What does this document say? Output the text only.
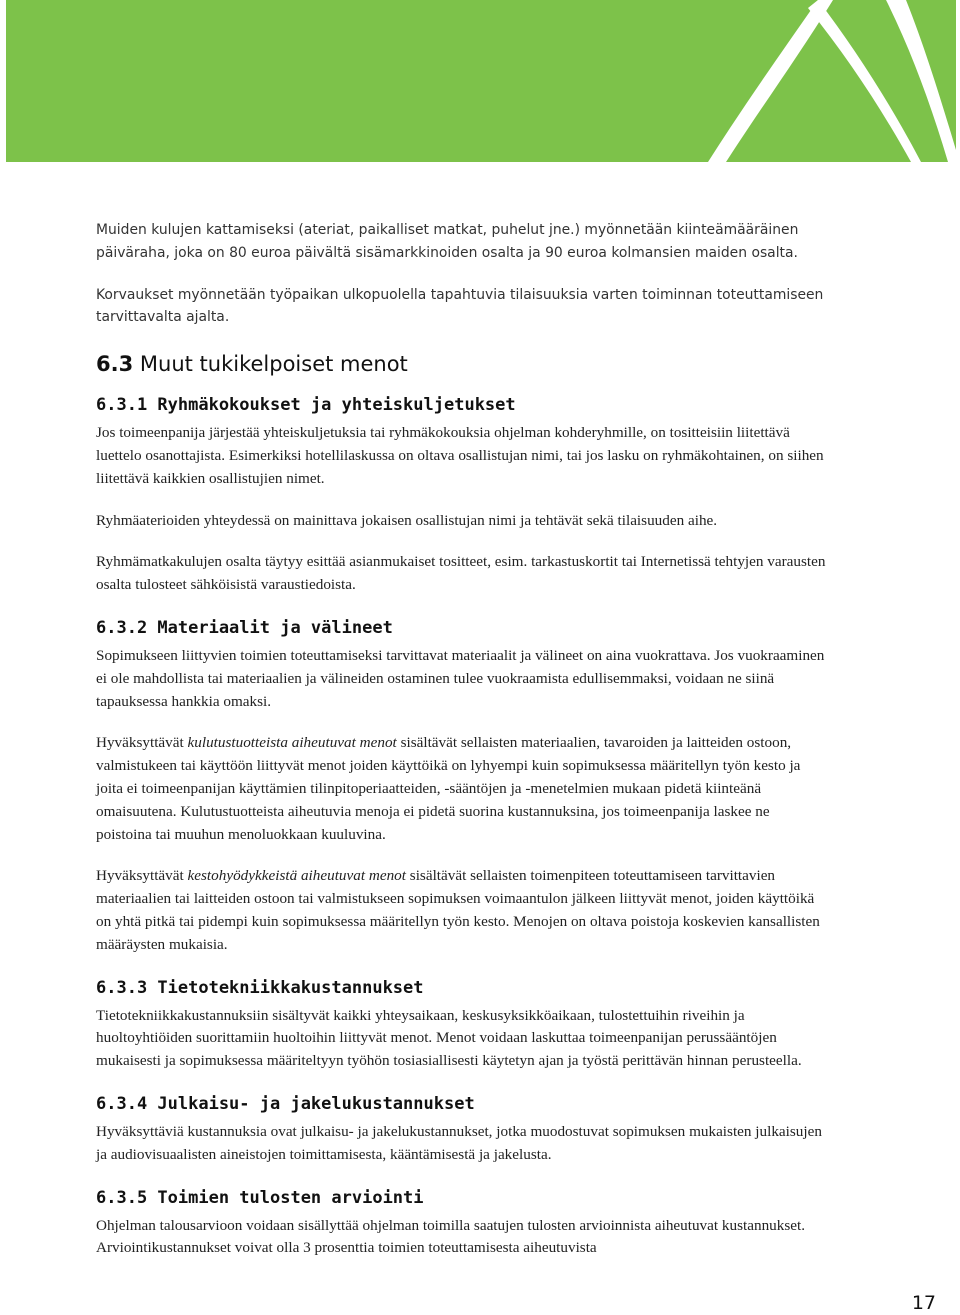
Muiden kulujen kattamiseksi (ateriat, paikalliset matkat, puhelut jne.) myönnetään kiinteämääräinen päiväraha, joka on 80 euroa päivältä sisämarkkinoiden osalta ja 90 euroa kolmansien maiden osalta.

Korvaukset myönnetään työpaikan ulkopuolella tapahtuvia tilaisuuksia varten toiminnan toteuttamiseen tarvittavalta ajalta.

6.3 Muut tukikelpoiset menot
6.3.1 Ryhmäkokoukset ja yhteiskuljetukset

Jos toimeenpanija järjestää yhteiskuljetuksia tai ryhmäkokouksia ohjelman kohderyhmille, on tositteisiin liitettävä luettelo osanottajista. Esimerkiksi hotellilaskussa on oltava osallistujan nimi, tai jos lasku on ryhmäkohtainen, on siihen liitettävä kaikkien osallistujien nimet.

Ryhmäaterioiden yhteydessä on mainittava jokaisen osallistujan nimi ja tehtävät sekä tilaisuuden aihe.

Ryhmämatkakulujen osalta täytyy esittää asianmukaiset tositteet, esim. tarkastuskortit tai Internetissä tehtyjen varausten osalta tulosteet sähköisistä varaustiedoista.

6.3.2 Materiaalit ja välineet

Sopimukseen liittyvien toimien toteuttamiseksi tarvittavat materiaalit ja välineet on aina vuokrattava. Jos vuokraaminen ei ole mahdollista tai materiaalien ja välineiden ostaminen tulee vuokraamista edullisemmaksi, voidaan ne siinä tapauksessa hankkia omaksi.

Hyväksyttävät kulutustuotteista aiheutuvat menot sisältävät sellaisten materiaalien, tavaroiden ja laitteiden ostoon, valmistukeen tai käyttöön liittyvät menot joiden käyttöikä on lyhyempi kuin sopimuksessa määritellyn työn kesto ja joita ei toimeenpanijan käyttämien tilinpitoperiaatteiden, -sääntöjen ja -menetelmien mukaan pidetä kiinteänä omaisuutena. Kulutustuotteista aiheutuvia menoja ei pidetä suorina kustannuksina, jos toimeenpanija laskee ne poistoina tai muuhun menoluokkaan kuuluvina.

Hyväksyttävät kestohyödykkeistä aiheutuvat menot sisältävät sellaisten toimenpiteen toteuttamiseen tarvittavien materiaalien tai laitteiden ostoon tai valmistukseen sopimuksen voimaantulon jälkeen liittyvät menot, joiden käyttöikä on yhtä pitkä tai pidempi kuin sopimuksessa määritellyn työn kesto. Menojen on oltava poistoja koskevien kansallisten määräysten mukaisia.

6.3.3 Tietotekniikkakustannukset

Tietotekniikkakustannuksiin sisältyvät kaikki yhteysaikaan, keskusyksikköaikaan, tulostettuihin riveihin ja huoltoyhtiöiden suorittamiin huoltoihin liittyvät menot. Menot voidaan laskuttaa toimeenpanijan perussääntöjen mukaisesti ja sopimuksessa määriteltyyn työhön tosiasiallisesti käytetyn ajan ja työstä perittävän hinnan perusteella.

6.3.4 Julkaisu- ja jakelukustannukset

Hyväksyttäviä kustannuksia ovat julkaisu- ja jakelukustannukset, jotka muodostuvat sopimuksen mukaisten julkaisujen ja audiovisuaalisten aineistojen toimittamisesta, kääntämisestä ja jakelusta.

6.3.5 Toimien tulosten arviointi

Ohjelman talousarvioon voidaan sisällyttää ohjelman toimilla saatujen tulosten arvioinnista aiheutuvat kustannukset. Arviointikustannukset voivat olla 3 prosenttia toimien toteuttamisesta aiheutuvista

17
